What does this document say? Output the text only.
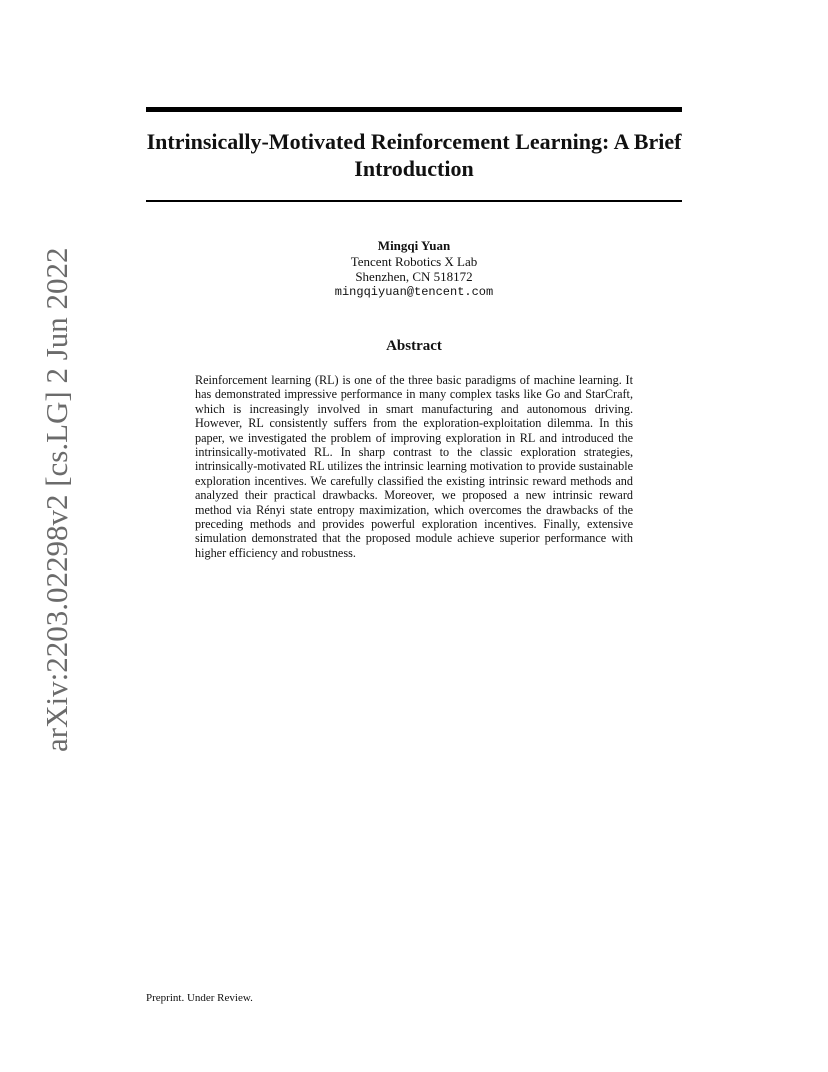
Intrinsically-Motivated Reinforcement Learning: A Brief Introduction
Mingqi Yuan
Tencent Robotics X Lab
Shenzhen, CN 518172
mingqiyuan@tencent.com
Abstract

Reinforcement learning (RL) is one of the three basic paradigms of machine learning. It has demonstrated impressive performance in many complex tasks like Go and StarCraft, which is increasingly involved in smart manufacturing and autonomous driving. However, RL consistently suffers from the exploration-exploitation dilemma. In this paper, we investigated the problem of improving exploration in RL and introduced the intrinsically-motivated RL. In sharp contrast to the classic exploration strategies, intrinsically-motivated RL utilizes the intrinsic learning motivation to provide sustainable exploration incentives. We carefully classified the existing intrinsic reward methods and analyzed their practical drawbacks. Moreover, we proposed a new intrinsic reward method via Rényi state entropy maximization, which overcomes the drawbacks of the preceding methods and provides powerful exploration incentives. Finally, extensive simulation demonstrated that the proposed module achieve superior performance with higher efficiency and robustness.

arXiv:2203.02298v2 [cs.LG] 2 Jun 2022
Preprint. Under Review.
